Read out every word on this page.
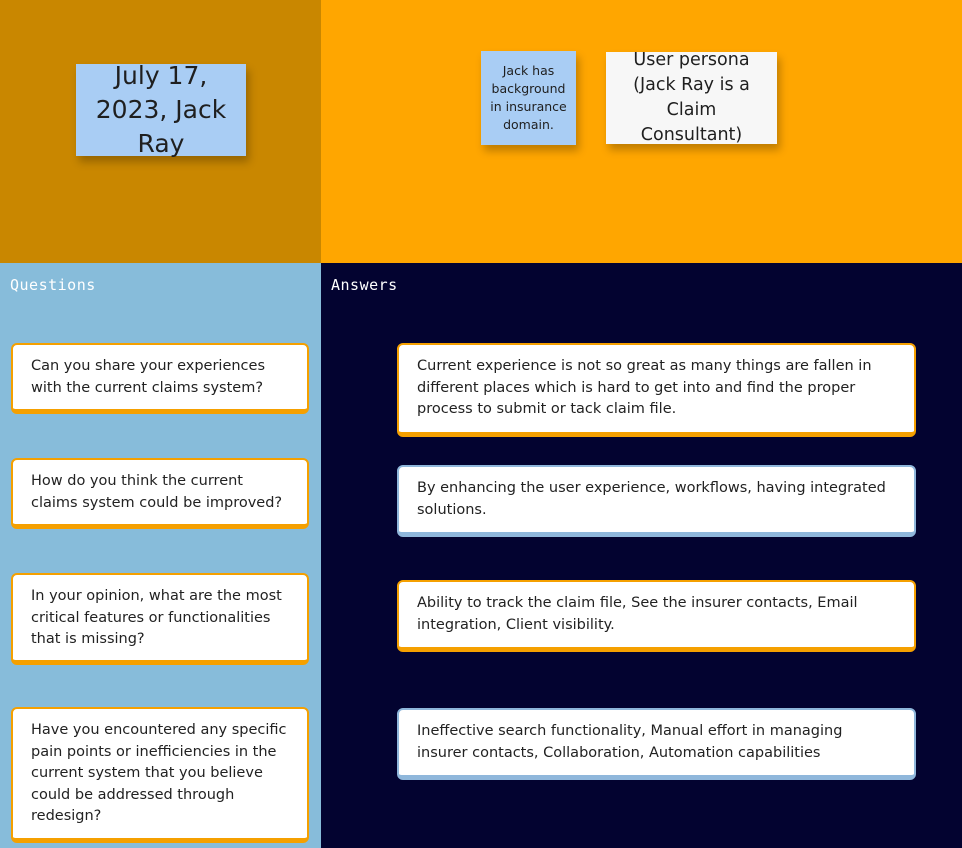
July 17, 2023, Jack Ray
Jack has background in insurance domain.
User persona (Jack Ray is a Claim Consultant)
Questions
Can you share your experiences with the current claims system?
How do you think the current claims system could be improved?
In your opinion, what are the most critical features or functionalities that is missing?
Have you encountered any specific pain points or inefficiencies in the current system that you believe could be addressed through redesign?
Answers
Current experience is not so great as many things are fallen in different places which is hard to get into and find the proper process to submit or tack claim file.
By enhancing the user experience, workflows, having integrated solutions.
Ability to track the claim file, See the insurer contacts, Email integration, Client visibility.
Ineffective search functionality, Manual effort in managing insurer contacts, Collaboration, Automation capabilities
